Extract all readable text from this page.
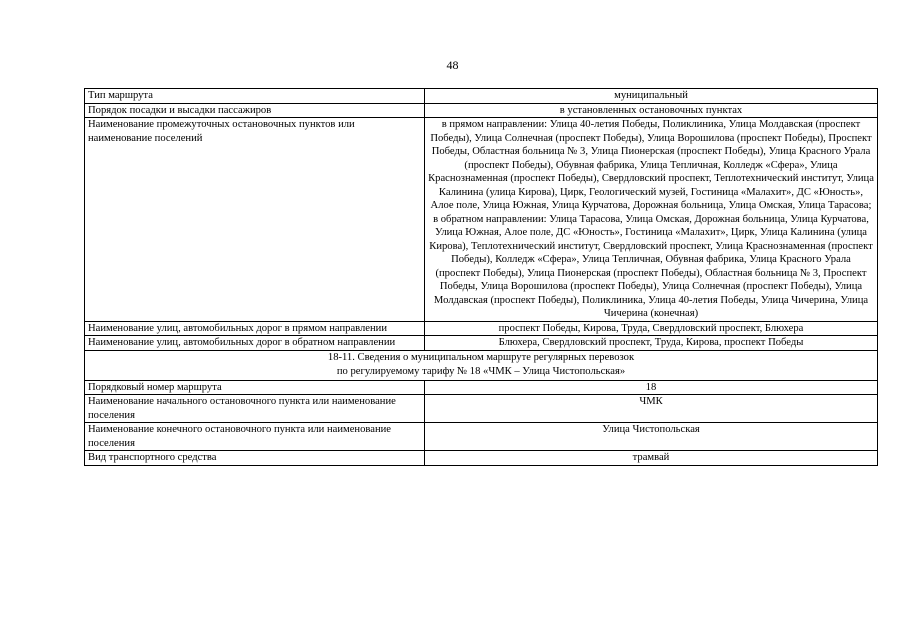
48
Тип маршрута	муниципальный
Порядок посадки и высадки пассажиров	в установленных остановочных пунктах
Наименование промежуточных остановочных пунктов или наименование поселений	в прямом направлении: Улица 40-летия Победы, Поликлиника, Улица Молдавская (проспект Победы), Улица Солнечная (проспект Победы), Улица Ворошилова (проспект Победы), Проспект Победы, Областная больница № 3, Улица Пионерская (проспект Победы), Улица Красного Урала (проспект Победы), Обувная фабрика, Улица Тепличная, Колледж «Сфера», Улица Краснознаменная (проспект Победы), Свердловский проспект, Теплотехнический институт, Улица Калинина (улица Кирова), Цирк, Геологический музей, Гостиница «Малахит», ДС «Юность», Алое поле, Улица Южная, Улица Курчатова, Дорожная больница, Улица Омская, Улица Тарасова;
в обратном направлении: Улица Тарасова, Улица Омская, Дорожная больница, Улица Курчатова, Улица Южная, Алое поле, ДС «Юность», Гостиница «Малахит», Цирк, Улица Калинина (улица Кирова), Теплотехнический институт, Свердловский проспект, Улица Краснознаменная (проспект Победы), Колледж «Сфера», Улица Тепличная, Обувная фабрика, Улица Красного Урала (проспект Победы), Улица Пионерская (проспект Победы), Областная больница № 3, Проспект Победы, Улица Ворошилова (проспект Победы), Улица Солнечная (проспект Победы), Улица Молдавская (проспект Победы), Поликлиника, Улица 40-летия Победы, Улица Чичерина, Улица Чичерина (конечная)

Наименование улиц, автомобильных дорог в прямом направлении	проспект Победы, Кирова, Труда, Свердловский проспект, Блюхера
Наименование улиц, автомобильных дорог в обратном направлении	Блюхера, Свердловский проспект, Труда, Кирова, проспект Победы

18-11. Сведения о муниципальном маршруте регулярных перевозок
по регулируемому тарифу № 18 «ЧМК – Улица Чистопольская»	

Порядковый номер маршрута	18
Наименование начального остановочного пункта или наименование поселения	ЧМК
Наименование конечного остановочного пункта или наименование поселения	Улица Чистопольская
Вид транспортного средства	трамвай
